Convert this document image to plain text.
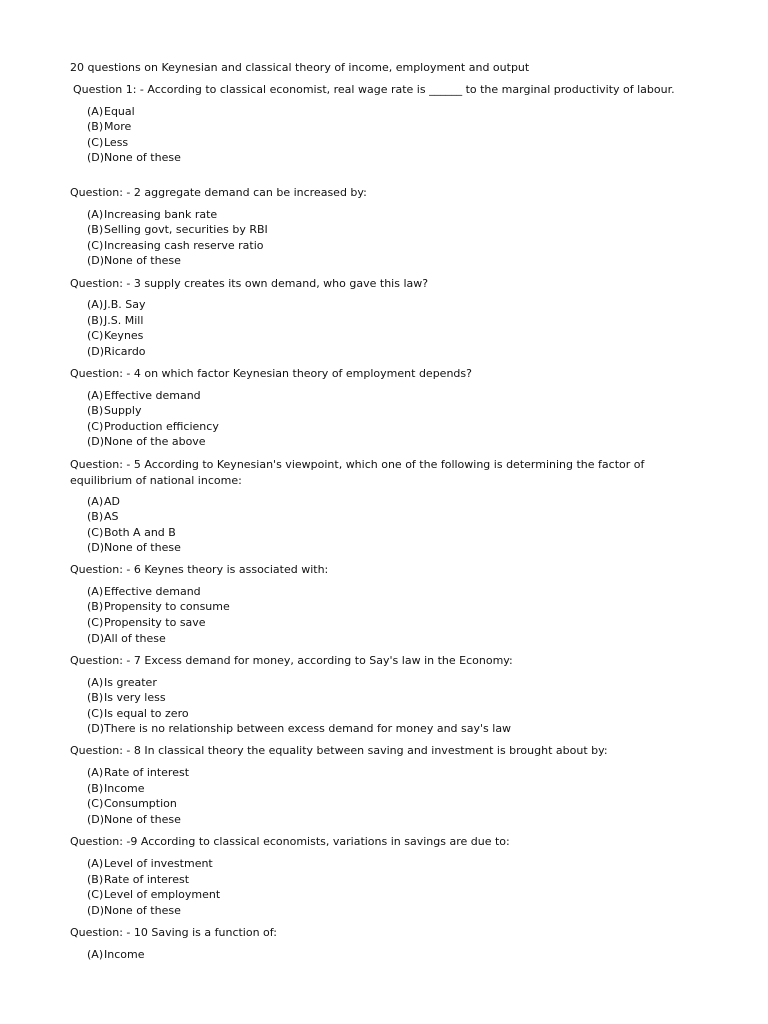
20 questions on Keynesian and classical theory of income, employment and output
Question 1: - According to classical economist, real wage rate is ______ to the marginal productivity of labour.
(A)Equal
(B)More
(C)Less
(D)None of these
Question: - 2 aggregate demand can be increased by:
(A)Increasing bank rate
(B)Selling govt, securities by RBI
(C)Increasing cash reserve ratio
(D)None of these
Question: - 3 supply creates its own demand, who gave this law?
(A)J.B. Say
(B)J.S. Mill
(C)Keynes
(D)Ricardo
Question: - 4 on which factor Keynesian theory of employment depends?
(A)Effective demand
(B)Supply
(C)Production efficiency
(D)None of the above
Question: - 5 According to Keynesian's viewpoint, which one of the following is determining the factor of equilibrium of national income:
(A)AD
(B)AS
(C)Both A and B
(D)None of these
Question: - 6 Keynes theory is associated with:
(A)Effective demand
(B)Propensity to consume
(C)Propensity to save
(D)All of these
Question: - 7 Excess demand for money, according to Say's law in the Economy:
(A)Is greater
(B)Is very less
(C)Is equal to zero
(D)There is no relationship between excess demand for money and say's law
Question: - 8 In classical theory the equality between saving and investment is brought about by:
(A)Rate of interest
(B)Income
(C)Consumption
(D)None of these
Question: -9 According to classical economists, variations in savings are due to:
(A)Level of investment
(B)Rate of interest
(C)Level of employment
(D)None of these
Question: - 10 Saving is a function of:
(A)Income
